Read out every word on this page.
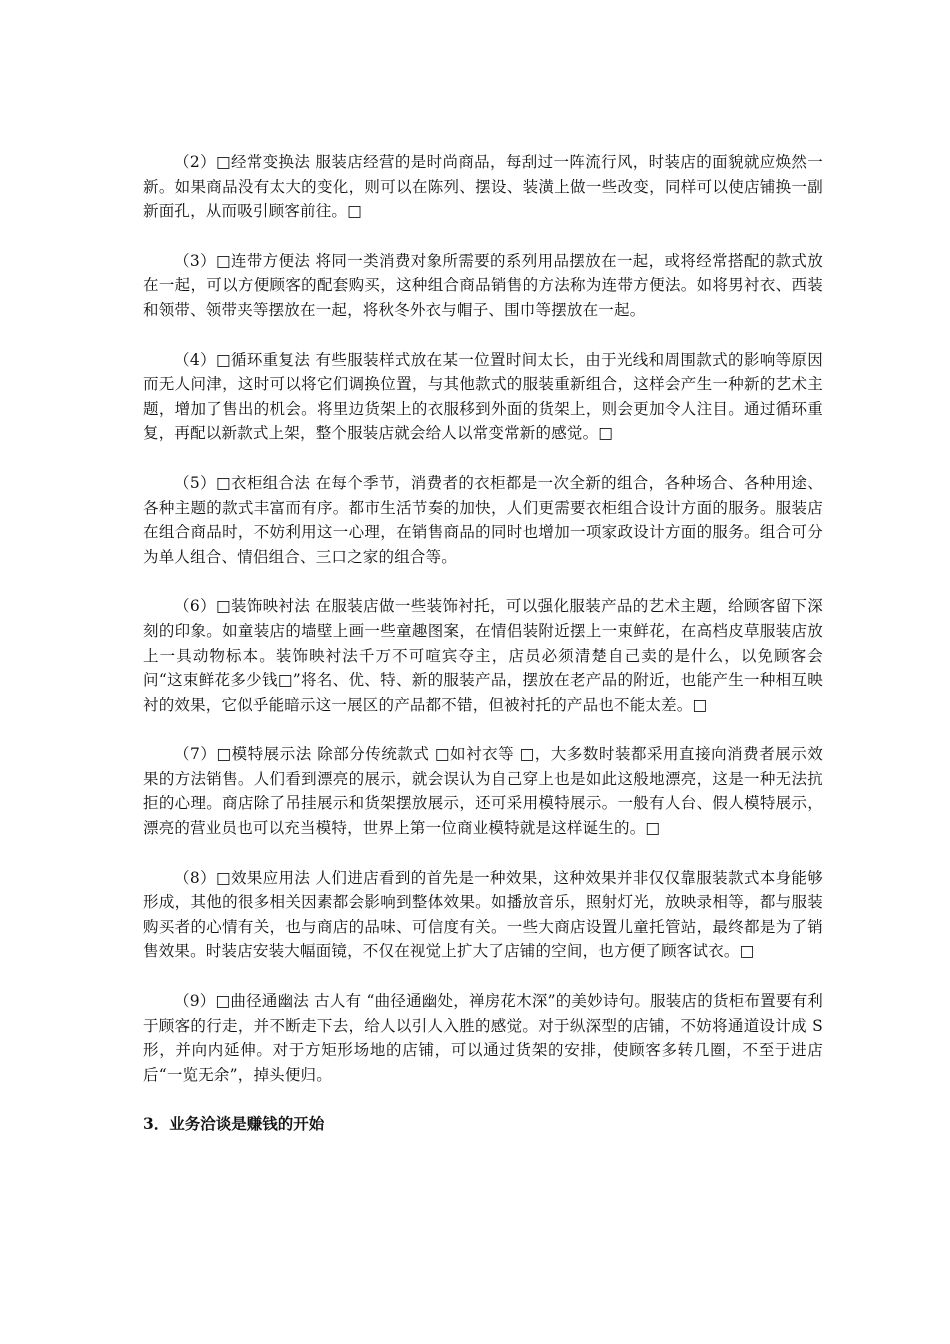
（2）□经常变换法 服装店经营的是时尚商品，每刮过一阵流行风，时装店的面貌就应焕然一新。如果商品没有太大的变化，则可以在陈列、摆设、装潢上做一些改变，同样可以使店铺换一副新面孔，从而吸引顾客前往。□

（3）□连带方便法 将同一类消费对象所需要的系列用品摆放在一起，或将经常搭配的款式放在一起，可以方便顾客的配套购买，这种组合商品销售的方法称为连带方便法。如将男衬衣、西装和领带、领带夹等摆放在一起，将秋冬外衣与帽子、围巾等摆放在一起。

（4）□循环重复法 有些服装样式放在某一位置时间太长，由于光线和周围款式的影响等原因而无人问津，这时可以将它们调换位置，与其他款式的服装重新组合，这样会产生一种新的艺术主题，增加了售出的机会。将里边货架上的衣服移到外面的货架上，则会更加令人注目。通过循环重复，再配以新款式上架，整个服装店就会给人以常变常新的感觉。□

（5）□衣柜组合法 在每个季节，消费者的衣柜都是一次全新的组合，各种场合、各种用途、各种主题的款式丰富而有序。都市生活节奏的加快，人们更需要衣柜组合设计方面的服务。服装店在组合商品时，不妨利用这一心理，在销售商品的同时也增加一项家政设计方面的服务。组合可分为单人组合、情侣组合、三口之家的组合等。

（6）□装饰映衬法 在服装店做一些装饰衬托，可以强化服装产品的艺术主题，给顾客留下深刻的印象。如童装店的墙壁上画一些童趣图案，在情侣装附近摆上一束鲜花，在高档皮草服装店放上一具动物标本。装饰映衬法千万不可喧宾夺主，店员必须清楚自己卖的是什么，以免顾客会问“这束鲜花多少钱□”将名、优、特、新的服装产品，摆放在老产品的附近，也能产生一种相互映衬的效果，它似乎能暗示这一展区的产品都不错，但被衬托的产品也不能太差。□

（7）□模特展示法 除部分传统款式 □如衬衣等 □，大多数时装都采用直接向消费者展示效果的方法销售。人们看到漂亮的展示，就会误认为自己穿上也是如此这般地漂亮，这是一种无法抗拒的心理。商店除了吊挂展示和货架摆放展示，还可采用模特展示。一般有人台、假人模特展示，漂亮的营业员也可以充当模特，世界上第一位商业模特就是这样诞生的。□

（8）□效果应用法 人们进店看到的首先是一种效果，这种效果并非仅仅靠服装款式本身能够形成，其他的很多相关因素都会影响到整体效果。如播放音乐，照射灯光，放映录相等，都与服装购买者的心情有关，也与商店的品味、可信度有关。一些大商店设置儿童托管站，最终都是为了销售效果。时装店安装大幅面镜，不仅在视觉上扩大了店铺的空间，也方便了顾客试衣。□

（9）□曲径通幽法 古人有 “曲径通幽处，禅房花木深”的美妙诗句。服装店的货柜布置要有利于顾客的行走，并不断走下去，给人以引人入胜的感觉。对于纵深型的店铺，不妨将通道设计成 S形，并向内延伸。对于方矩形场地的店铺，可以通过货架的安排，使顾客多转几圈，不至于进店后“一览无余”，掉头便归。

3．业务洽谈是赚钱的开始
